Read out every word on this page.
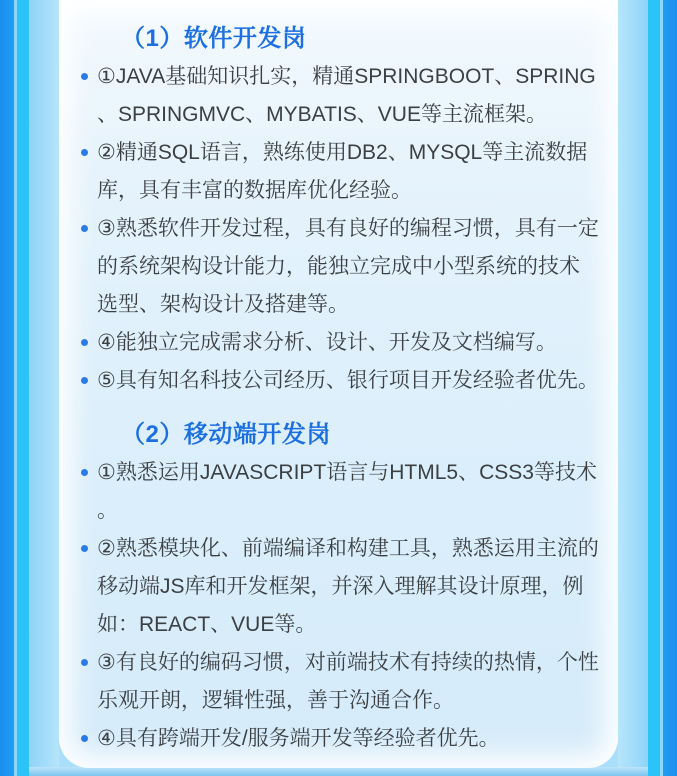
（1）软件开发岗
①JAVA基础知识扎实，精通SPRINGBOOT、SPRING、SPRINGMVC、MYBATIS、VUE等主流框架。
②精通SQL语言，熟练使用DB2、MYSQL等主流数据库，具有丰富的数据库优化经验。
③熟悉软件开发过程，具有良好的编程习惯，具有一定的系统架构设计能力，能独立完成中小型系统的技术选型、架构设计及搭建等。
④能独立完成需求分析、设计、开发及文档编写。
⑤具有知名科技公司经历、银行项目开发经验者优先。
（2）移动端开发岗
①熟悉运用JAVASCRIPT语言与HTML5、CSS3等技术。
②熟悉模块化、前端编译和构建工具，熟悉运用主流的移动端JS库和开发框架，并深入理解其设计原理，例如：REACT、VUE等。
③有良好的编码习惯，对前端技术有持续的热情，个性乐观开朗，逻辑性强，善于沟通合作。
④具有跨端开发/服务端开发等经验者优先。
